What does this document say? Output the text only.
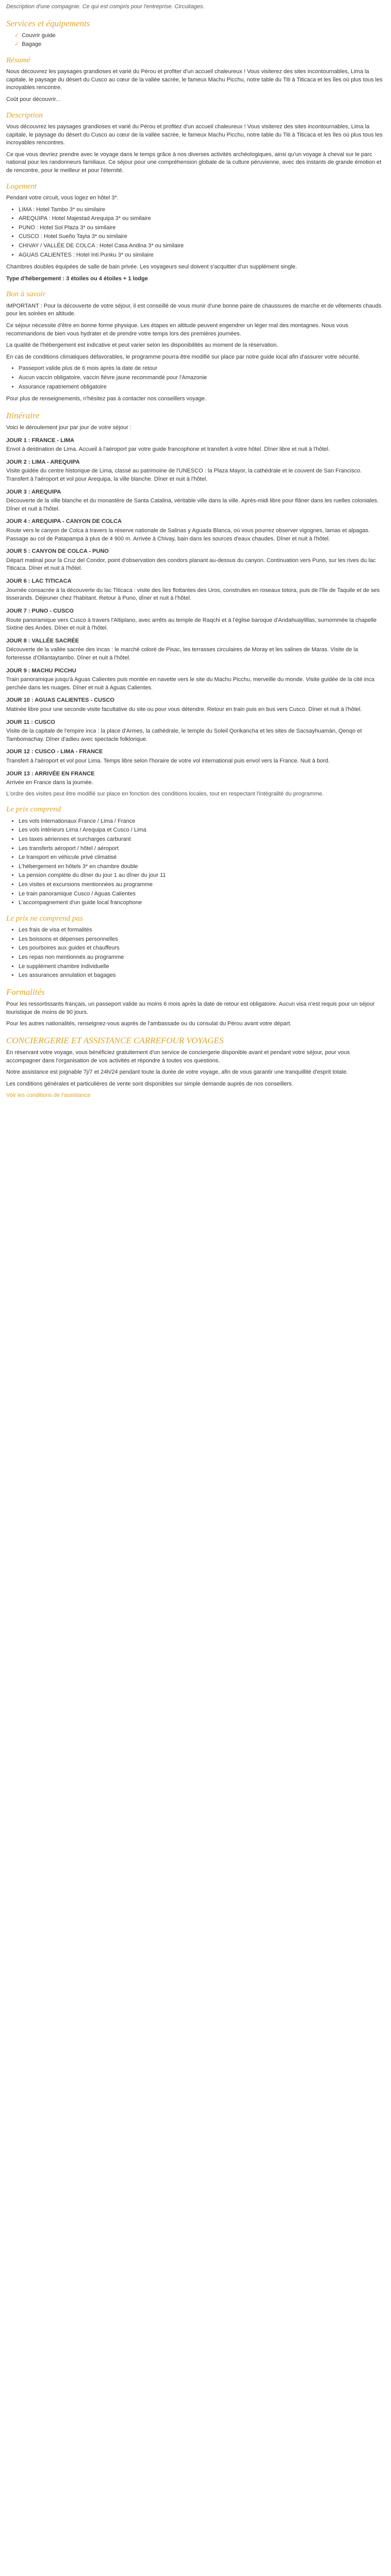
Description d'une compagnie. Ce qui est compris pour l'entreprise. Circuitages.

Services et équipements
✓ Couvrir guide
✓ Bagage
Résumé

Nous découvrez les paysages grandioses et varié du Pérou et profiter d'un accueil chaleureux ! Vous visiterez des sites incontournables, Lima la capitale, le paysage du désert du Cusco au cœur de la vallée sacrée, le fameux Machu Picchu, notre table du Titi à Titicaca et les îles où plus tous les incroyables rencontre.

Coût pour découvrir...

Description

Vous découvrez les paysages grandioses et varié du Pérou et profitez d'un accueil chaleureux ! Vous visiterez des sites incontournables, Lima la capitale, le paysage du désert du Cusco au cœur de la vallée sacrée, le fameux Machu Picchu, notre table du Titi à Titicaca et les îles où plus tous les incroyables rencontres.

Ce que vous devriez prendre avec le voyage dans le temps grâce à nos diverses activités archéologiques, ainsi qu'un voyage à cheval sur le parc national pour les randonneurs familiaux. Ce séjour pour une compréhension globale de la culture péruvienne, avec des instants de grande émotion et de rencontre, pour le meilleur et pour l'éternité.

Logement

Pendant votre circuit, vous logez en hôtel 3*.

• LIMA : Hotel Tambo 3* ou similaire
• AREQUIPA : Hotel Majestad Arequipa 3* ou similaire
• PUNO : Hotel Sol Plaza 3* ou similaire
• CUSCO : Hotel Sueño Tayta 3* ou similaire
• CHIVAY / VALLÉE DE COLCA : Hotel Casa Andina 3* ou similaire
• AGUAS CALIENTES : Hotel Inti Punku 3* ou similaire

Chambres doubles équipées de salle de bain privée. Les voyageurs seul doivent s'acquitter d'un supplément single.

Type d'hébergement : 3 étoiles ou 4 étoiles + 1 lodge

Bon à savoir

IMPORTANT : Pour la découverte de votre séjour, il est conseillé de vous munir d'une bonne paire de chaussures de marche et de vêtements chauds pour les soirées en altitude.

Ce séjour nécessite d'être en bonne forme physique. Les étapes en altitude peuvent engendrer un léger mal des montagnes. Nous vous recommandons de bien vous hydrater et de prendre votre temps lors des premières journées.

La qualité de l'hébergement est indicative et peut varier selon les disponibilités au moment de la réservation.

En cas de conditions climatiques défavorables, le programme pourra être modifié sur place par notre guide local afin d'assurer votre sécurité.

• Passeport valide plus de 6 mois après la date de retour
• Aucun vaccin obligatoire, vaccin fièvre jaune recommandé pour l'Amazonie
• Assurance rapatriement obligatoire

Pour plus de renseignements, n'hésitez pas à contacter nos conseillers voyage.

Itinéraire

Voici le déroulement jour par jour de votre séjour :

JOUR 1 : FRANCE - LIMA
Envol à destination de Lima. Accueil à l'aéroport par votre guide francophone et transfert à votre hôtel. Dîner libre et nuit à l'hôtel.
JOUR 2 : LIMA - AREQUIPA
Visite guidée du centre historique de Lima, classé au patrimoine de l'UNESCO : la Plaza Mayor, la cathédrale et le couvent de San Francisco. Transfert à l'aéroport et vol pour Arequipa, la ville blanche. Dîner et nuit à l'hôtel.
JOUR 3 : AREQUIPA
Découverte de la ville blanche et du monastère de Santa Catalina, véritable ville dans la ville. Après-midi libre pour flâner dans les ruelles coloniales. Dîner et nuit à l'hôtel.
JOUR 4 : AREQUIPA - CANYON DE COLCA
Route vers le canyon de Colca à travers la réserve nationale de Salinas y Aguada Blanca, où vous pourrez observer vigognes, lamas et alpagas. Passage au col de Patapampa à plus de 4 900 m. Arrivée à Chivay, bain dans les sources d'eaux chaudes. Dîner et nuit à l'hôtel.
JOUR 5 : CANYON DE COLCA - PUNO
Départ matinal pour la Cruz del Condor, point d'observation des condors planant au-dessus du canyon. Continuation vers Puno, sur les rives du lac Titicaca. Dîner et nuit à l'hôtel.
JOUR 6 : LAC TITICACA
Journée consacrée à la découverte du lac Titicaca : visite des îles flottantes des Uros, construites en roseaux totora, puis de l'île de Taquile et de ses tisserands. Déjeuner chez l'habitant. Retour à Puno, dîner et nuit à l'hôtel.
JOUR 7 : PUNO - CUSCO
Route panoramique vers Cusco à travers l'Altiplano, avec arrêts au temple de Raqchi et à l'église baroque d'Andahuaylillas, surnommée la chapelle Sixtine des Andes. Dîner et nuit à l'hôtel.
JOUR 8 : VALLÉE SACRÉE
Découverte de la vallée sacrée des Incas : le marché coloré de Pisac, les terrasses circulaires de Moray et les salines de Maras. Visite de la forteresse d'Ollantaytambo. Dîner et nuit à l'hôtel.
JOUR 9 : MACHU PICCHU
Train panoramique jusqu'à Aguas Calientes puis montée en navette vers le site du Machu Picchu, merveille du monde. Visite guidée de la cité inca perchée dans les nuages. Dîner et nuit à Aguas Calientes.
JOUR 10 : AGUAS CALIENTES - CUSCO
Matinée libre pour une seconde visite facultative du site ou pour vous détendre. Retour en train puis en bus vers Cusco. Dîner et nuit à l'hôtel.
JOUR 11 : CUSCO
Visite de la capitale de l'empire inca : la place d'Armes, la cathédrale, le temple du Soleil Qorikancha et les sites de Sacsayhuamán, Qenqo et Tambomachay. Dîner d'adieu avec spectacle folklorique.
JOUR 12 : CUSCO - LIMA - FRANCE
Transfert à l'aéroport et vol pour Lima. Temps libre selon l'horaire de votre vol international puis envol vers la France. Nuit à bord.
JOUR 13 : ARRIVÉE EN FRANCE
Arrivée en France dans la journée.

L'ordre des visites peut être modifié sur place en fonction des conditions locales, tout en respectant l'intégralité du programme.

Le prix comprend
• Les vols internationaux France / Lima / France
• Les vols intérieurs Lima / Arequipa et Cusco / Lima
• Les taxes aériennes et surcharges carburant
• Les transferts aéroport / hôtel / aéroport
• Le transport en véhicule privé climatisé
• L'hébergement en hôtels 3* en chambre double
• La pension complète du dîner du jour 1 au dîner du jour 11
• Les visites et excursions mentionnées au programme
• Le train panoramique Cusco / Aguas Calientes
• L'accompagnement d'un guide local francophone
Le prix ne comprend pas
• Les frais de visa et formalités
• Les boissons et dépenses personnelles
• Les pourboires aux guides et chauffeurs
• Les repas non mentionnés au programme
• Le supplément chambre individuelle
• Les assurances annulation et bagages
Formalités

Pour les ressortissants français, un passeport valide au moins 6 mois après la date de retour est obligatoire. Aucun visa n'est requis pour un séjour touristique de moins de 90 jours.

Pour les autres nationalités, renseignez-vous auprès de l'ambassade ou du consulat du Pérou avant votre départ.

CONCIERGERIE ET ASSISTANCE CARREFOUR VOYAGES

En réservant votre voyage, vous bénéficiez gratuitement d'un service de conciergerie disponible avant et pendant votre séjour, pour vous accompagner dans l'organisation de vos activités et répondre à toutes vos questions.

Notre assistance est joignable 7j/7 et 24h/24 pendant toute la durée de votre voyage, afin de vous garantir une tranquillité d'esprit totale.

Les conditions générales et particulières de vente sont disponibles sur simple demande auprès de nos conseillers.

Voir les conditions de l'assistance
